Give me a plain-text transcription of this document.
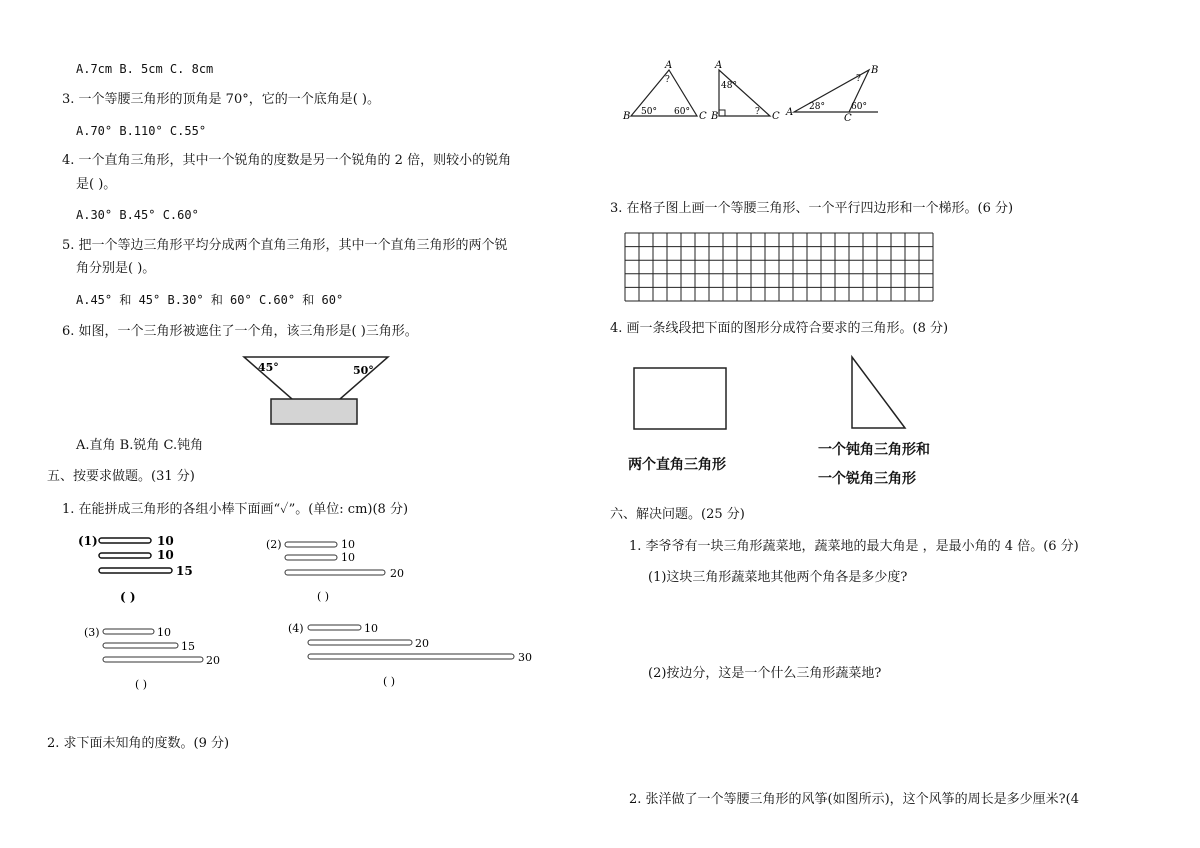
A.7cm B. 5cm C. 8cm
3. 一个等腰三角形的顶角是 70°，它的一个底角是( )。
A.70° B.110° C.55°
4. 一个直角三角形，其中一个锐角的度数是另一个锐角的 2 倍，则较小的锐角
是( )。
A.30° B.45° C.60°
5. 把一个等边三角形平均分成两个直角三角形，其中一个直角三角形的两个锐
角分别是( )。
A.45° 和 45° B.30° 和 60° C.60° 和 60°
6. 如图，一个三角形被遮住了一个角，该三角形是( )三角形。
45°	50°
A.直角 B.锐角 C.钝角
五、按要求做题。(31 分)
1. 在能拼成三角形的各组小棒下面画“✓”。(单位: cm)(8 分)
(1)	10
10
15
( )
(2)	10
10
20
( )
(3)	10
15
20
( )
(4)	10
20
30
( )
2. 求下面未知角的度数。(9 分)
A
B	C
?
50° 60°
A
B	C
48°
?	A
B
C
28°
?
60°
3. 在格子图上画一个等腰三角形、一个平行四边形和一个梯形。(6 分)
4. 画一条线段把下面的图形分成符合要求的三角形。(8 分)
两个直角三角形
一个钝角三角形和
一个锐角三角形
六、解决问题。(25 分)
1. 李爷爷有一块三角形蔬菜地，蔬菜地的最大角是 ，是最小角的 4 倍。(6 分)
(1)这块三角形蔬菜地其他两个角各是多少度?
(2)按边分，这是一个什么三角形蔬菜地?
2. 张洋做了一个等腰三角形的风筝(如图所示)，这个风筝的周长是多少厘米?(4
